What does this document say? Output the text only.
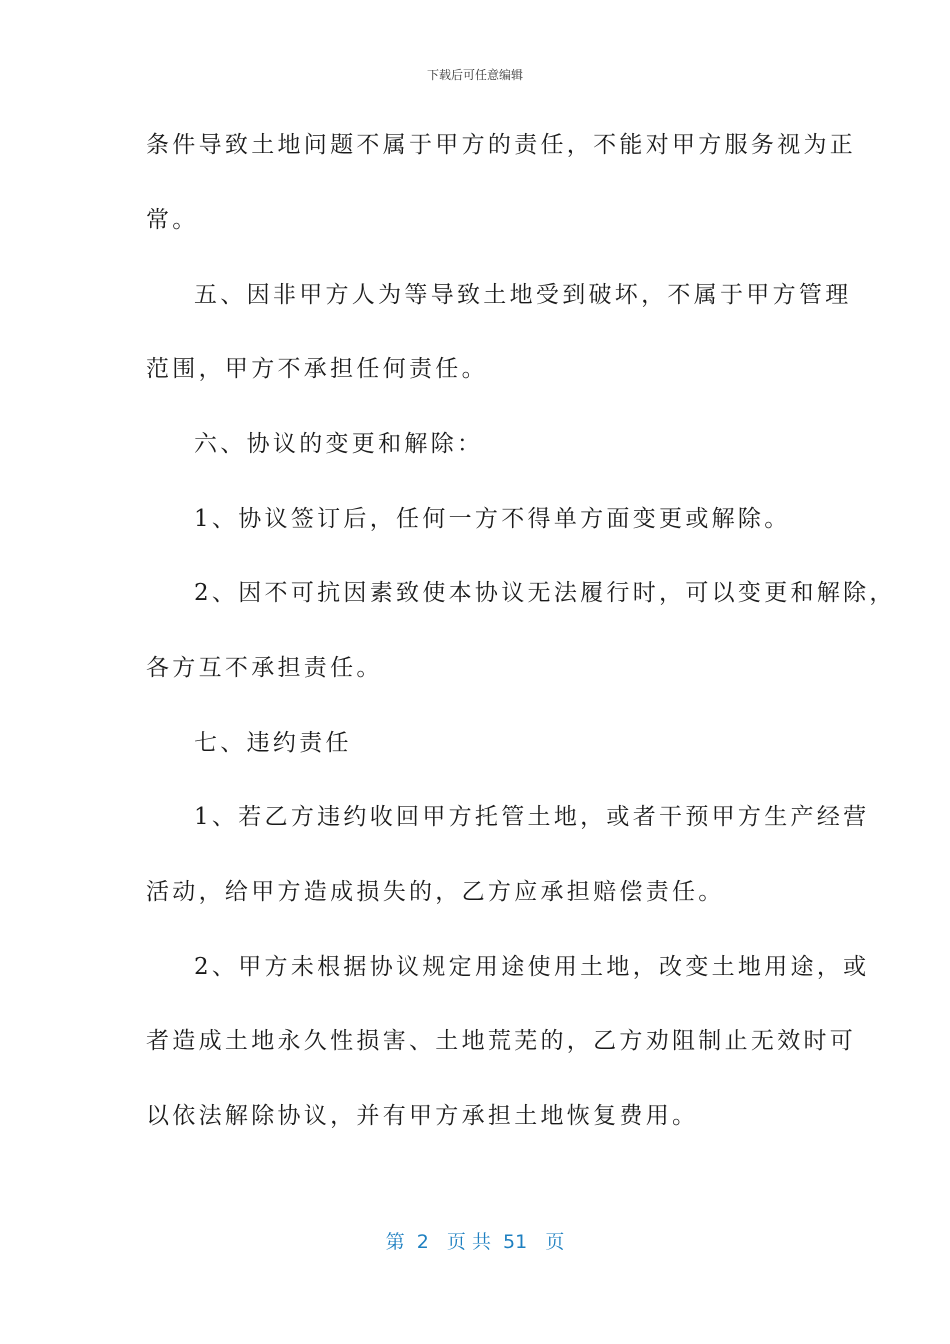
下载后可任意编辑
条件导致土地问题不属于甲方的责任，不能对甲方服务视为正
常。
五、因非甲方人为等导致土地受到破坏，不属于甲方管理
范围，甲方不承担任何责任。
六、协议的变更和解除：
1、协议签订后，任何一方不得单方面变更或解除。
2、因不可抗因素致使本协议无法履行时，可以变更和解除，
各方互不承担责任。
七、违约责任
1、若乙方违约收回甲方托管土地，或者干预甲方生产经营
活动，给甲方造成损失的，乙方应承担赔偿责任。
2、甲方未根据协议规定用途使用土地，改变土地用途，或
者造成土地永久性损害、土地荒芜的，乙方劝阻制止无效时可
以依法解除协议，并有甲方承担土地恢复费用。
第  2   页 共  51   页
